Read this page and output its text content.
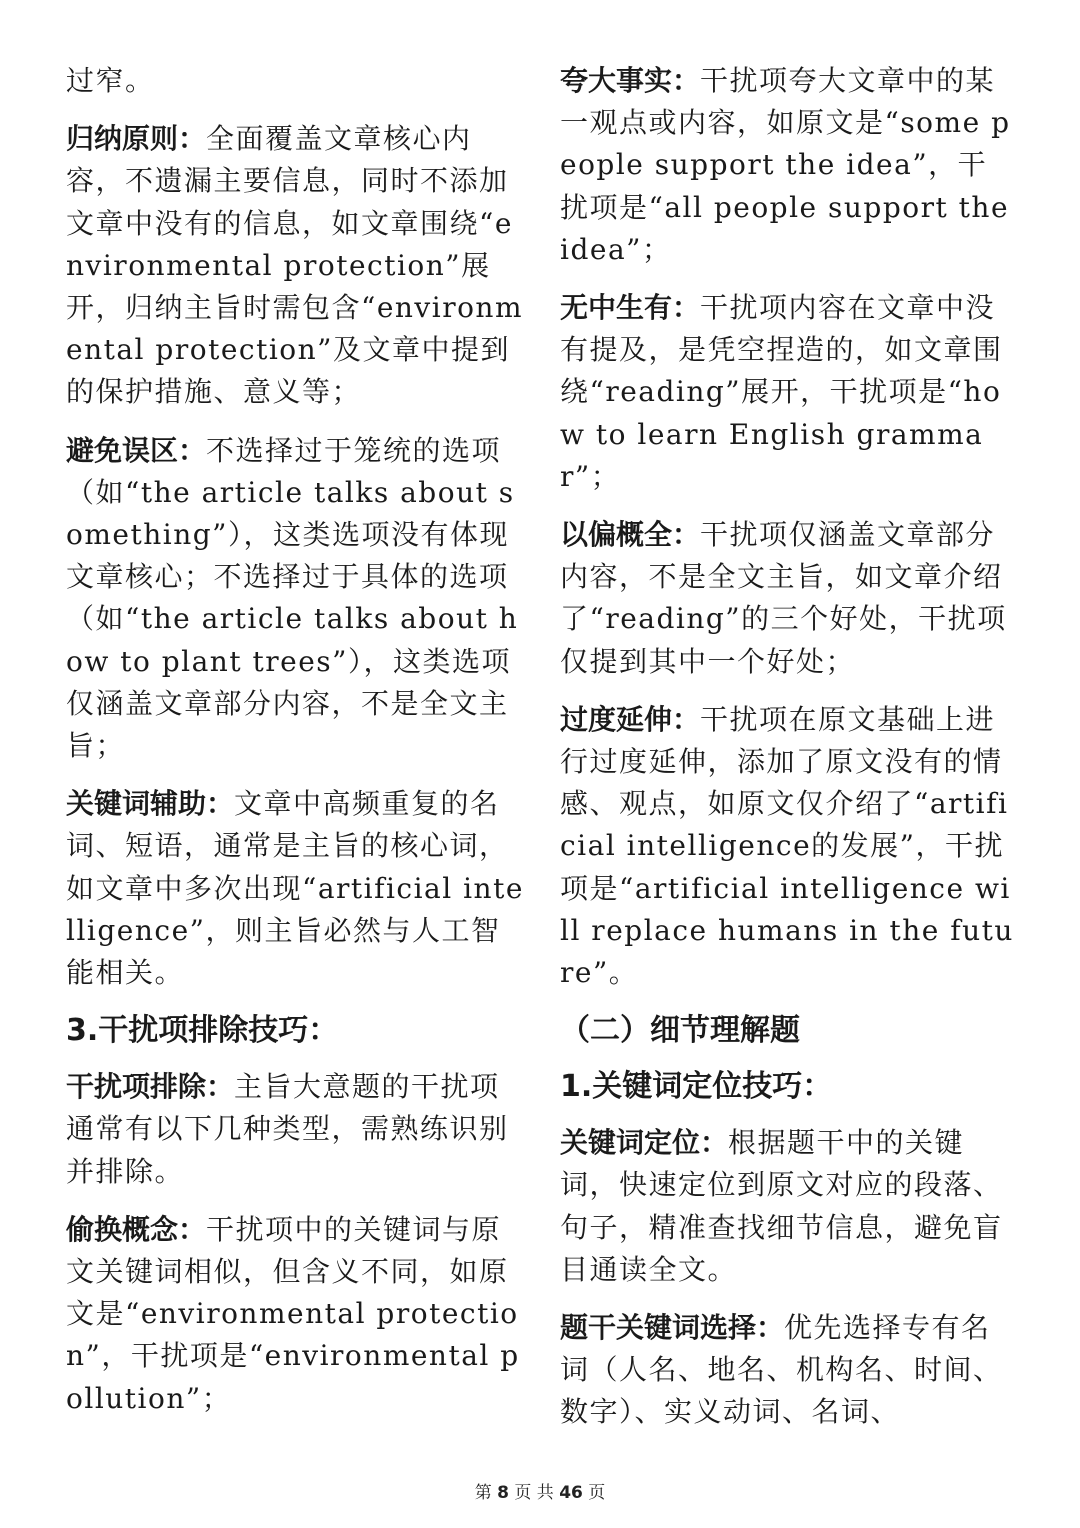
过窄。

归纳原则：全面覆盖文章核心内容，不遗漏主要信息，同时不添加文章中没有的信息，如文章围绕“environmental protection”展开，归纳主旨时需包含“environmental protection”及文章中提到的保护措施、意义等；

避免误区：不选择过于笼统的选项（如“the article talks about something”），这类选项没有体现文章核心；不选择过于具体的选项（如“the article talks about how to plant trees”），这类选项仅涵盖文章部分内容，不是全文主旨；

关键词辅助：文章中高频重复的名词、短语，通常是主旨的核心词，如文章中多次出现“artificial intelligence”，则主旨必然与人工智能相关。

3.干扰项排除技巧：

干扰项排除：主旨大意题的干扰项通常有以下几种类型，需熟练识别并排除。

偷换概念：干扰项中的关键词与原文关键词相似，但含义不同，如原文是“environmental protection”，干扰项是“environmental pollution”；

夸大事实：干扰项夸大文章中的某一观点或内容，如原文是“some people support the idea”，干扰项是“all people support the idea”；

无中生有：干扰项内容在文章中没有提及，是凭空捏造的，如文章围绕“reading”展开，干扰项是“how to learn English grammar”；

以偏概全：干扰项仅涵盖文章部分内容，不是全文主旨，如文章介绍了“reading”的三个好处，干扰项仅提到其中一个好处；

过度延伸：干扰项在原文基础上进行过度延伸，添加了原文没有的情感、观点，如原文仅介绍了“artificial intelligence的发展”，干扰项是“artificial intelligence will replace humans in the future”。

（二）细节理解题
1.关键词定位技巧：

关键词定位：根据题干中的关键词，快速定位到原文对应的段落、句子，精准查找细节信息，避免盲目通读全文。

题干关键词选择：优先选择专有名词（人名、地名、机构名、时间、数字）、实义动词、名词、

第 8 页 共 46 页
